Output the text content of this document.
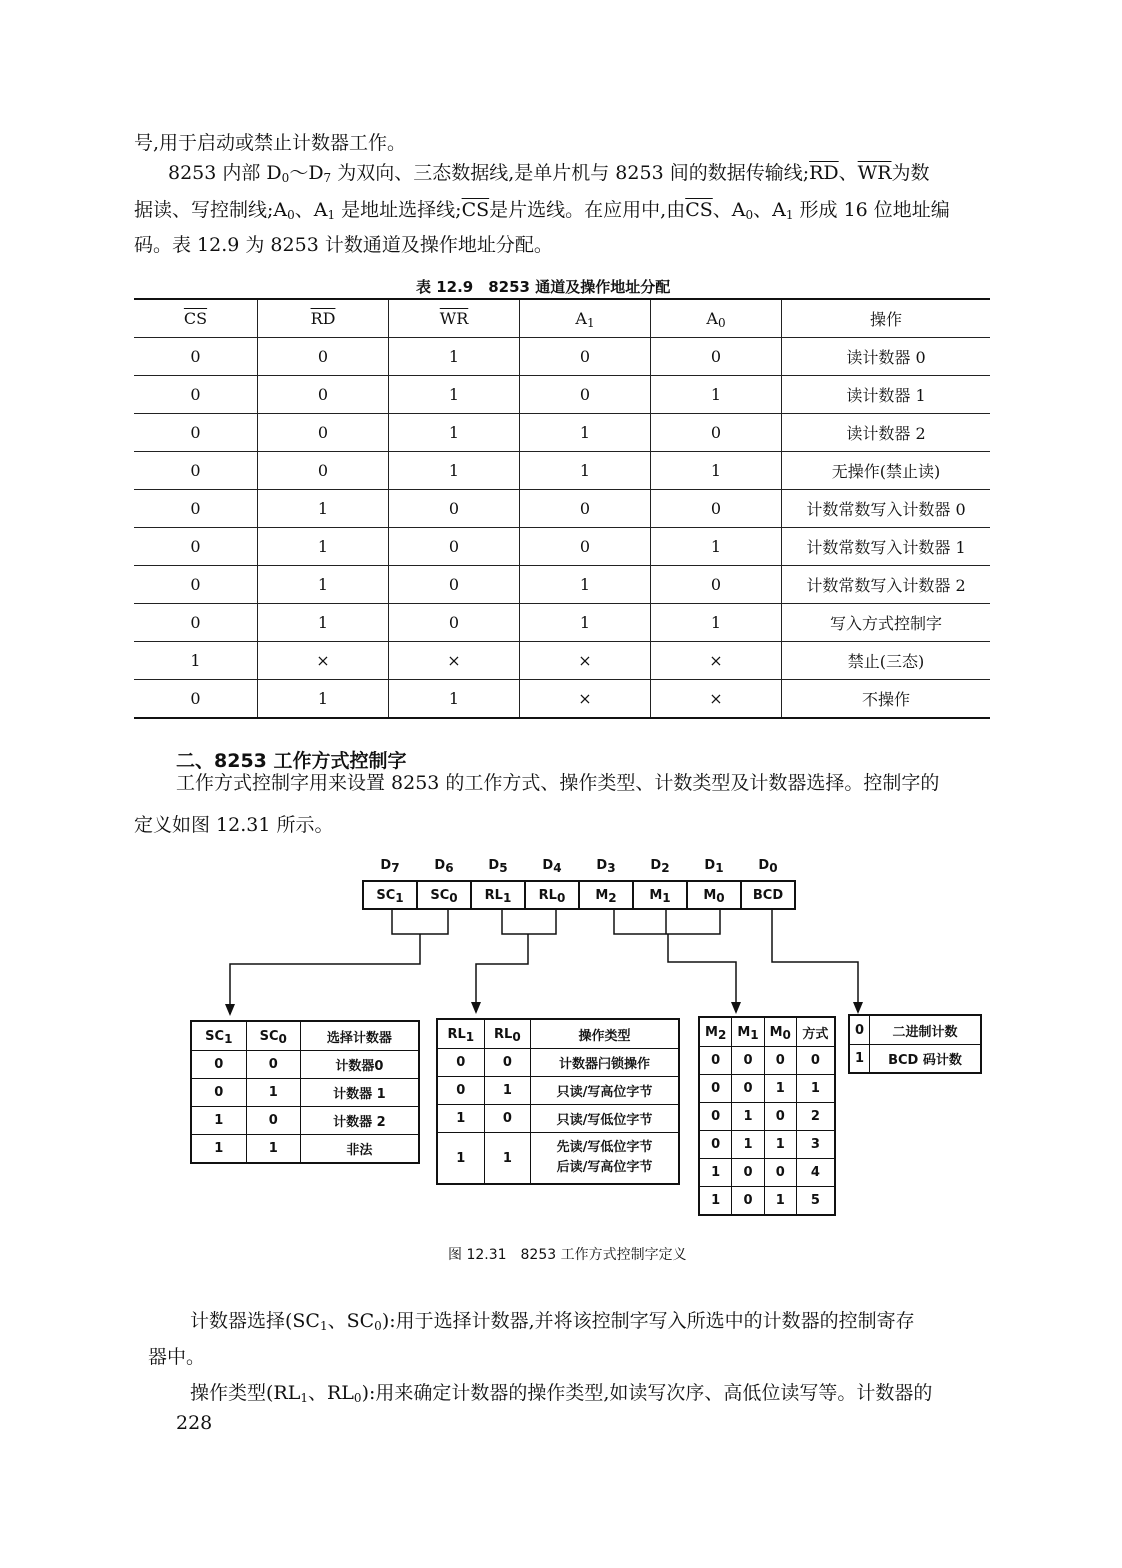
号,用于启动或禁止计数器工作。
8253 内部 $D_0\sim D_7$ 为双向、三态数据线,是单片机与 8253 间的数据传输线$;\overline{RD}$、$\overline{WR}$为数
据读、写控制线$;A_0$、$A_1$ 是地址选择线$;\overline{CS}$是片选线。在应用中,由$\overline{CS}$、$A_0$、$A_1$ 形成 16 位地址编
码。表 12.9 为 8253 计数通道及操作地址分配。
表 12.9　8253 通道及操作地址分配
$\overline{CS}$	$\overline{RD}$	$\overline{WR}$	$A_1$	$A_0$	操作
0	0	1	0	0	读计数器 0
0	0	1	0	1	读计数器 1
0	0	1	1	0	读计数器 2
0	0	1	1	1	无操作(禁止读)
0	1	0	0	0	计数常数写入计数器 0
0	1	0	0	1	计数常数写入计数器 1
0	1	0	1	0	计数常数写入计数器 2
0	1	0	1	1	写入方式控制字
1	×	×	×	×	禁止(三态)
0	1	1	×	×	不操作
二、8253 工作方式控制字
工作方式控制字用来设置 8253 的工作方式、操作类型、计数类型及计数器选择。控制字的
定义如图 12.31 所示。
$D_7$	$D_6$	$D_5$	$D_4$	$D_3$	$D_2$	$D_1$	$D_0$
$SC_1$	$SC_0$	$RL_1$	$RL_0$	$M_2$	$M_1$	$M_0$	BCD
$SC_1$	$SC_0$	选择计数器
0	0	计数器0
0	1	计数器 1
1	0	计数器 2
1	1	非法
$RL_1$	$RL_0$	操作类型
0	0	计数器闩锁操作
0	1	只读/写高位字节
1	0	只读/写低位字节
1	1	先读/写低位字节
后读/写高位字节
$M_2$	$M_1$	$M_0$	方式
0	0	0	0
0	0	1	1
0	1	0	2
0	1	1	3
1	0	0	4
1	0	1	5
0	二进制计数
1	BCD 码计数
图 12.31　8253 工作方式控制字定义
计数器选择($SC_1$、$SC_0$):用于选择计数器,并将该控制字写入所选中的计数器的控制寄存
器中。
操作类型($RL_1$、$RL_0$):用来确定计数器的操作类型,如读写次序、高低位读写等。计数器的
228
